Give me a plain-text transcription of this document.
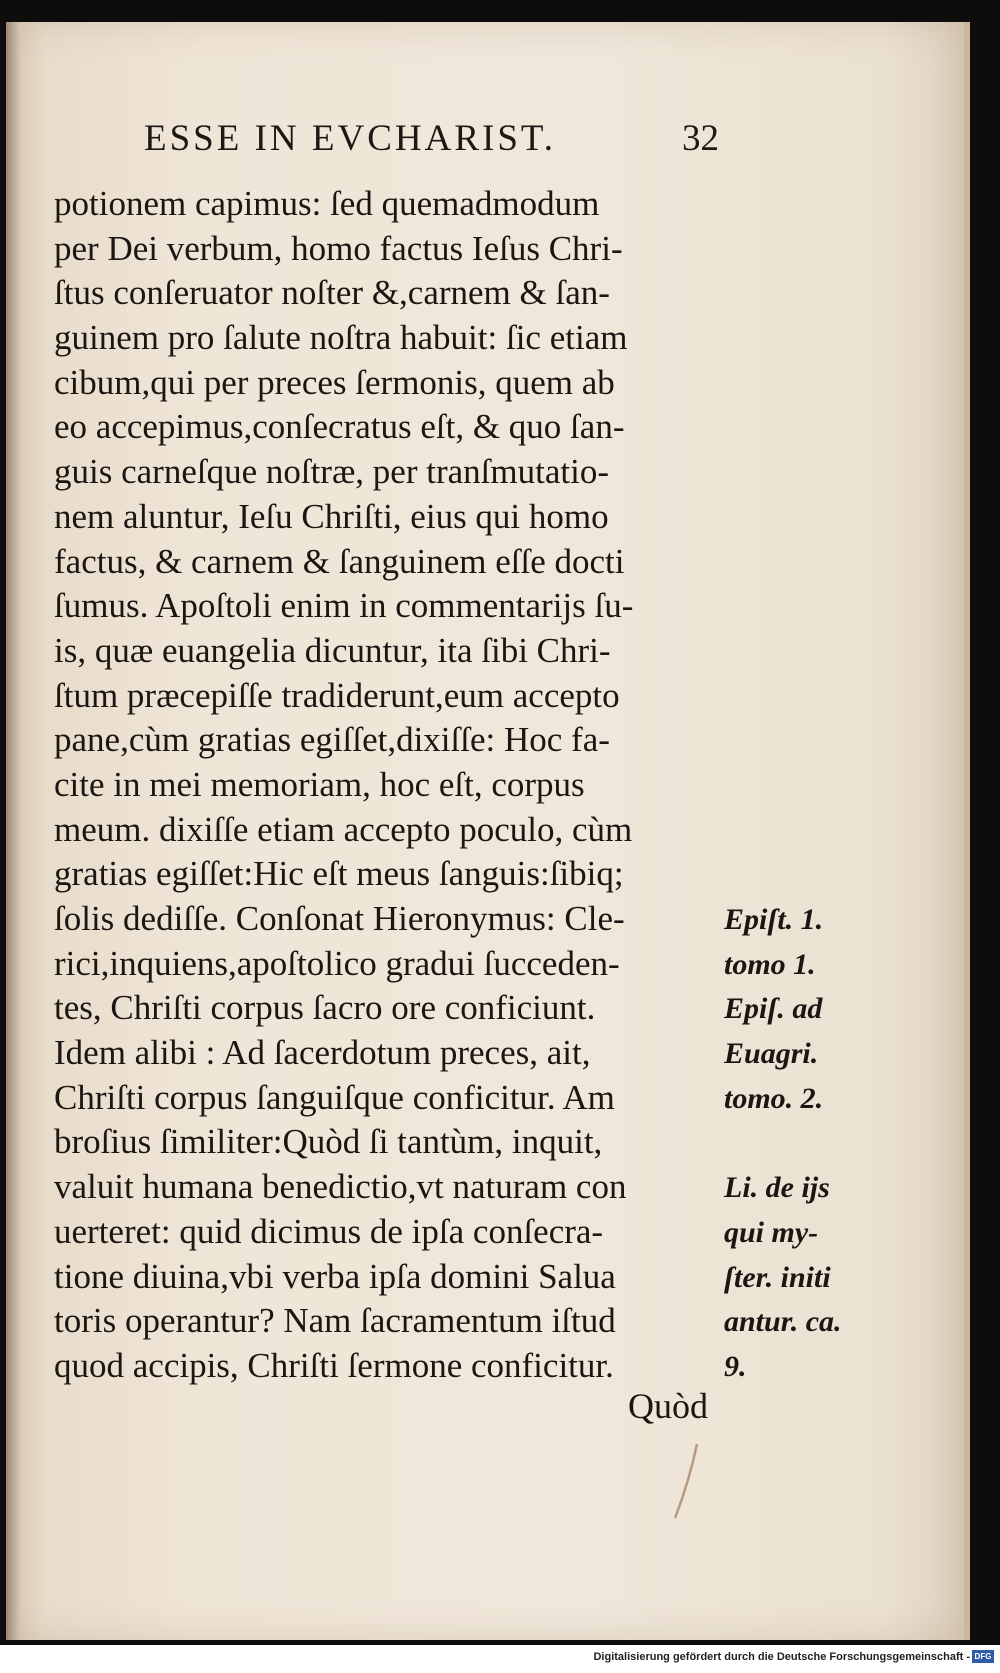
ESSE IN EVCHARIST.	32
potionem capimus: ſed quemadmodum
per Dei verbum, homo factus Ieſus Chri-
ſtus conſeruator noſter &,carnem & ſan-
guinem pro ſalute noſtra habuit: ſic etiam
cibum,qui per preces ſermonis, quem ab
eo accepimus,conſecratus eſt, & quo ſan-
guis carneſque noſtræ, per tranſmutatio-
nem aluntur, Ieſu Chriſti, eius qui homo
factus, & carnem & ſanguinem eſſe docti
ſumus. Apoſtoli enim in commentarijs ſu-
is, quæ euangelia dicuntur, ita ſibi Chri-
ſtum præcepiſſe tradiderunt,eum accepto
pane,cùm gratias egiſſet,dixiſſe: Hoc fa-
cite in mei memoriam, hoc eſt, corpus
meum. dixiſſe etiam accepto poculo, cùm
gratias egiſſet:Hic eſt meus ſanguis:ſibiq;
ſolis dediſſe. Conſonat Hieronymus: Cle-
rici,inquiens,apoſtolico gradui ſucceden-
tes, Chriſti corpus ſacro ore conficiunt.
Idem alibi : Ad ſacerdotum preces, ait,
Chriſti corpus ſanguiſque conficitur. Am
broſius ſimiliter:Quòd ſi tantùm, inquit,
valuit humana benedictio,vt naturam con
uerteret: quid dicimus de ipſa conſecra-
tione diuina,vbi verba ipſa domini Salua
toris operantur? Nam ſacramentum iſtud
quod accipis, Chriſti ſermone conficitur.
Epiſt. 1.
tomo 1.
Epiſ. ad
Euagri.
tomo. 2.
Li. de ijs
qui my-
ſter. initi
antur. ca.
9.
Quòd
Digitalisierung gefördert durch die Deutsche Forschungsgemeinschaft - DFG
